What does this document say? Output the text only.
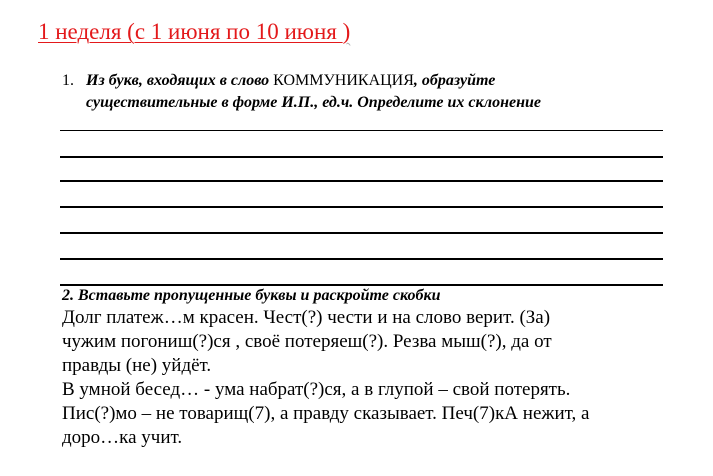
1 неделя (с 1 июня по 10 июня )
1. Из букв, входящих в слово КОММУНИКАЦИЯ, образуйте
существительные в форме И.П., ед.ч. Определите их склонение
2. Вставьте пропущенные буквы и раскройте скобки
Долг платеж…м красен. Чест(?) чести и на слово верит. (За)
чужим погониш(?)ся , своё потеряеш(?). Резва мыш(?), да от
правды (не) уйдёт.
В умной бесед… - ума набрат(?)ся, а в глупой – свой потерять.
Пис(?)мо – не товарищ(7), а правду сказывает. Печ(7)кА нежит, а
доро…ка учит.
